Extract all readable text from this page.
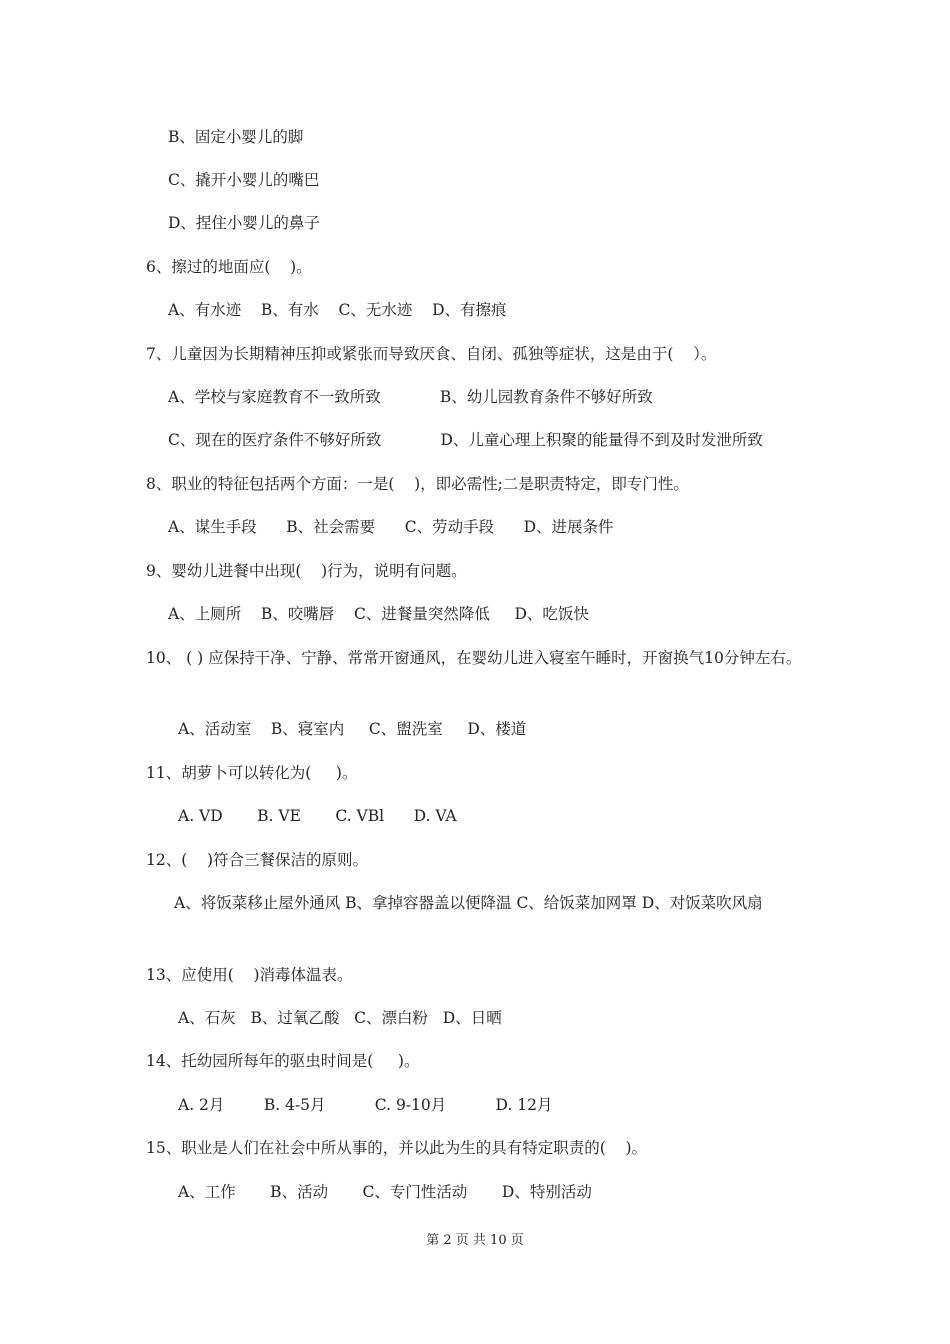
B、固定小婴儿的脚
C、撬开小婴儿的嘴巴
D、捏住小婴儿的鼻子
6、擦过的地面应(    )。
A、有水迹    B、有水    C、无水迹    D、有擦痕
7、儿童因为长期精神压抑或紧张而导致厌食、自闭、孤独等症状，这是由于(    ）。
A、学校与家庭教育不一致所致            B、幼儿园教育条件不够好所致
C、现在的医疗条件不够好所致            D、儿童心理上积聚的能量得不到及时发泄所致
8、职业的特征包括两个方面：一是(    )，即必需性;二是职责特定，即专门性。
A、谋生手段      B、社会需要      C、劳动手段      D、进展条件
9、婴幼儿进餐中出现(    )行为，说明有问题。
A、上厕所    B、咬嘴唇    C、进餐量突然降低     D、吃饭快
10、 ( ) 应保持干净、宁静、常常开窗通风，在婴幼儿进入寝室午睡时，开窗换气10分钟左右。
A、活动室    B、寝室内     C、盥洗室     D、楼道
11、胡萝卜可以转化为(     )。
A. VD       B. VE       C. VBl      D. VA
12、(    )符合三餐保洁的原则。
A、将饭菜移止屋外通风 B、拿掉容器盖以便降温 C、给饭菜加网罩 D、对饭菜吹风扇
13、应使用(    )消毒体温表。
A、石灰   B、过氧乙酸   C、漂白粉   D、日晒
14、托幼园所每年的驱虫时间是(     )。
A. 2月        B. 4-5月          C. 9-10月          D. 12月
15、职业是人们在社会中所从事的，并以此为生的具有特定职责的(    )。
A、工作       B、活动       C、专门性活动       D、特别活动
第 2 页 共 10 页
